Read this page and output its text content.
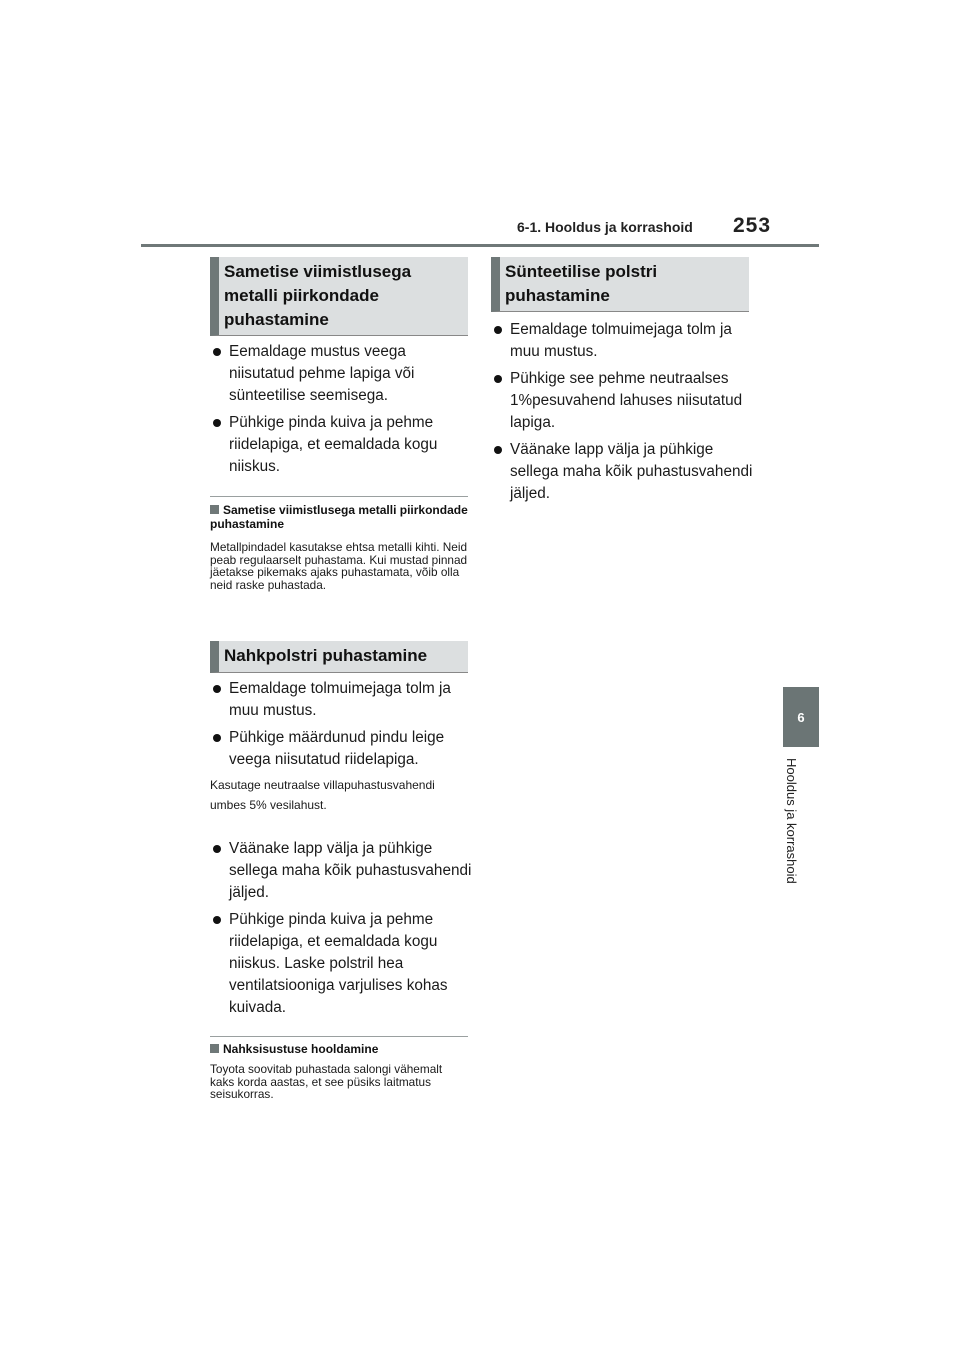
6-1. Hooldus ja korrashoid 253
6
Hooldus ja korrashoid
Sametise viimistlusega metalli piirkondade puhastamine
Eemaldage mustus veega niisutatud pehme lapiga või sünteetilise seemisega.
Pühkige pinda kuiva ja pehme riidelapiga, et eemaldada kogu niiskus.
Sametise viimistlusega metalli piirkondade puhastamine
Metallpindadel kasutakse ehtsa metalli kihti. Neid peab regulaarselt puhastama. Kui mustad pinnad jäetakse pikemaks ajaks puhastamata, võib olla neid raske puhastada.
Nahkpolstri puhastamine
Eemaldage tolmuimejaga tolm ja muu mustus.
Pühkige määrdunud pindu leige veega niisutatud riidelapiga.
Kasutage neutraalse villapuhastusvahendi umbes 5% vesilahust.
Väänake lapp välja ja pühkige sellega maha kõik puhastusvahendi jäljed.
Pühkige pinda kuiva ja pehme riidelapiga, et eemaldada kogu niiskus. Laske polstril hea ventilatsiooniga varjulises kohas kuivada.
Nahksisustuse hooldamine
Toyota soovitab puhastada salongi vähemalt kaks korda aastas, et see püsiks laitmatus seisukorras.
Sünteetilise polstri puhastamine
Eemaldage tolmuimejaga tolm ja muu mustus.
Pühkige see pehme neutraalses 1%pesuvahend lahuses niisutatud lapiga.
Väänake lapp välja ja pühkige sellega maha kõik puhastusvahendi jäljed.
